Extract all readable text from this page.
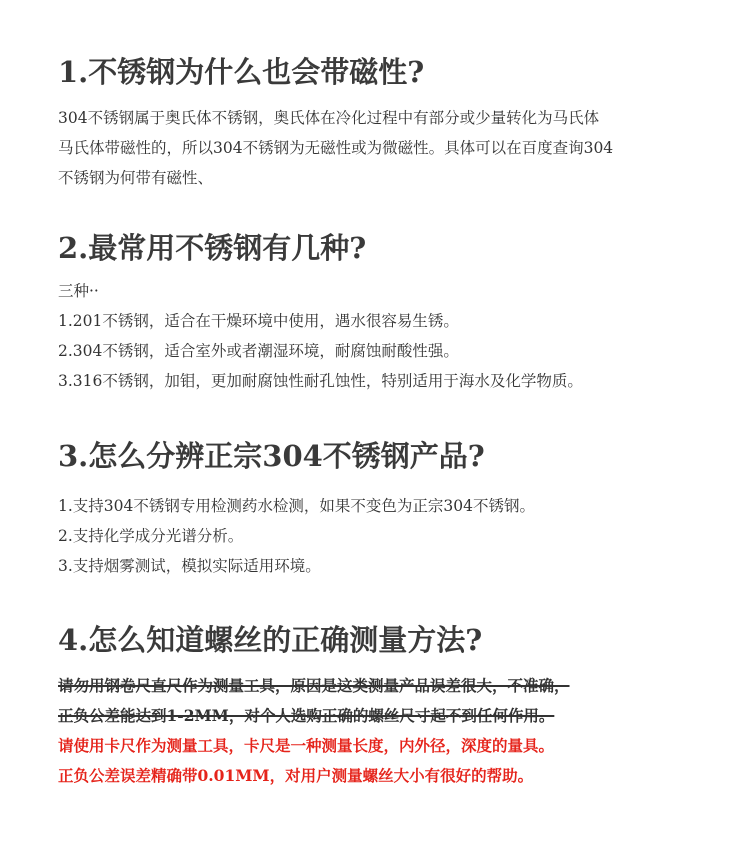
1.不锈钢为什么也会带磁性?
304不锈钢属于奥氏体不锈钢，奥氏体在冷化过程中有部分或少量转化为马氏体
马氏体带磁性的，所以304不锈钢为无磁性或为微磁性。具体可以在百度查询304
不锈钢为何带有磁性、
2.最常用不锈钢有几种?
三种··
1.201不锈钢，适合在干燥环境中使用，遇水很容易生锈。
2.304不锈钢，适合室外或者潮湿环境，耐腐蚀耐酸性强。
3.316不锈钢，加钼，更加耐腐蚀性耐孔蚀性，特别适用于海水及化学物质。
3.怎么分辨正宗304不锈钢产品?
1.支持304不锈钢专用检测药水检测，如果不变色为正宗304不锈钢。
2.支持化学成分光谱分析。
3.支持烟雾测试，模拟实际适用环境。
4.怎么知道螺丝的正确测量方法?
请勿用钢卷尺直尺作为测量工具，原因是这类测量产品误差很大，不准确，
正负公差能达到1-2MM，对个人选购正确的螺丝尺寸起不到任何作用。
请使用卡尺作为测量工具，卡尺是一种测量长度，内外径，深度的量具。
正负公差误差精确带0.01MM，对用户测量螺丝大小有很好的帮助。
